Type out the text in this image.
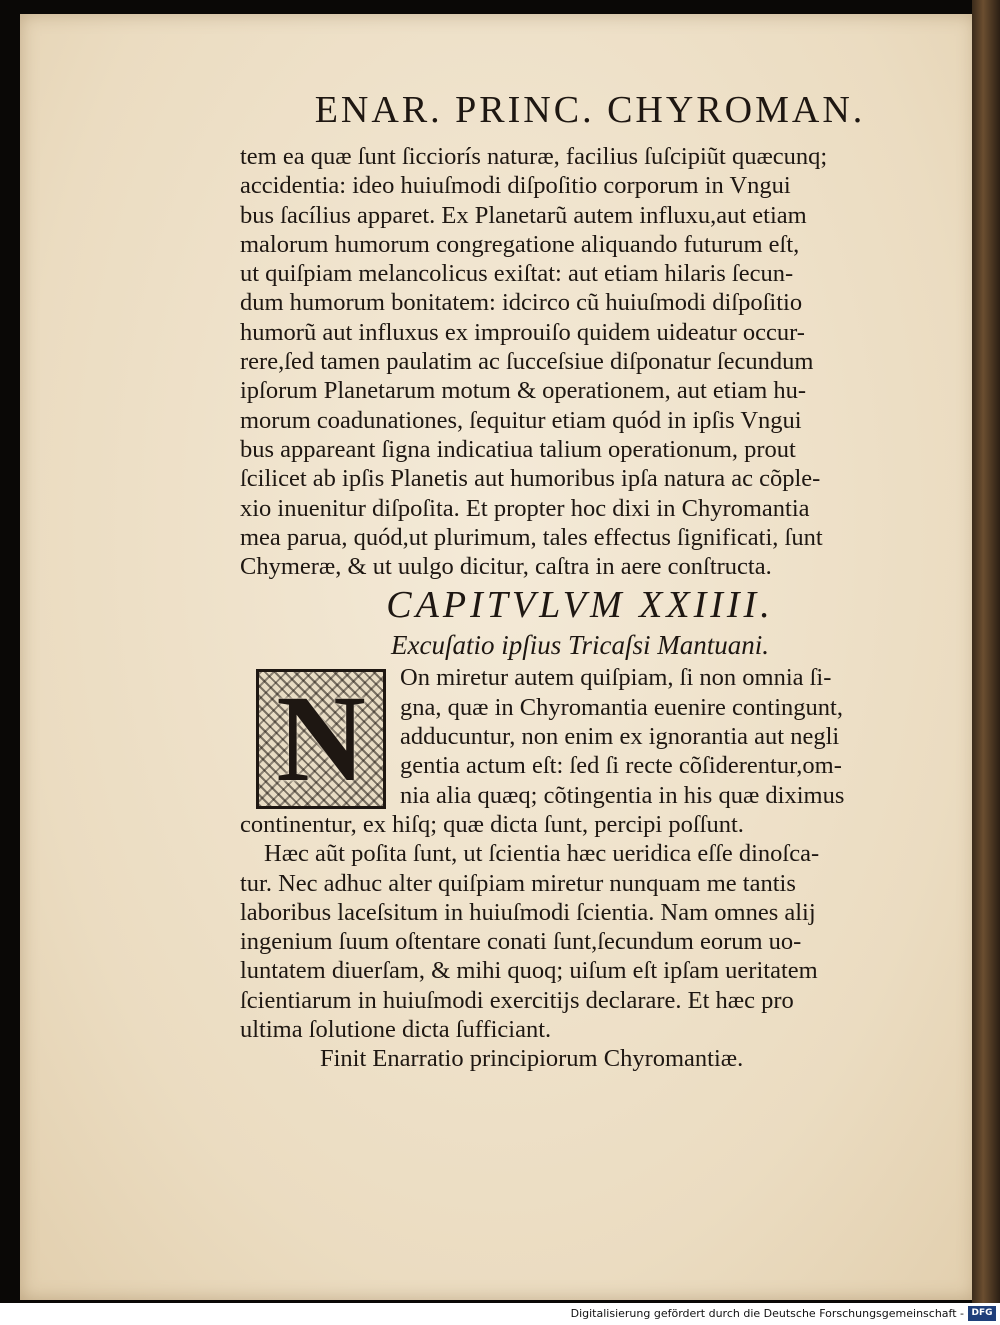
ENAR. PRINC. CHYROMAN.
tem ea quæ ſunt ſicciorís naturæ, facilius ſuſcipiũt quæcunq;
accidentia: ideo huiuſmodi diſpoſitio corporum in Vngui
bus ſacílius apparet. Ex Planetarũ autem influxu,aut etiam
malorum humorum congregatione aliquando futurum eſt,
ut quiſpiam melancolicus exiſtat: aut etiam hilaris ſecun-
dum humorum bonitatem: idcirco cũ huiuſmodi diſpoſitio
humorũ aut influxus ex improuiſo quidem uideatur occur-
rere,ſed tamen paulatim ac ſucceſsiue diſponatur ſecundum
ipſorum Planetarum motum & operationem, aut etiam hu-
morum coadunationes, ſequitur etiam quód in ipſis Vngui
bus appareant ſigna indicatiua talium operationum, prout
ſcilicet ab ipſis Planetis aut humoribus ipſa natura ac cõple-
xio inuenitur diſpoſita. Et propter hoc dixi in Chyromantia
mea parua, quód,ut plurimum, tales effectus ſignificati, ſunt
Chymeræ, & ut uulgo dicitur, caſtra in aere conſtructa.
CAPITVLVM XXIIII.
Excuſatio ipſius Tricaſsi Mantuani.
N	On miretur autem quiſpiam, ſi non omnia ſi-
gna, quæ in Chyromantia euenire contingunt,
adducuntur, non enim ex ignorantia aut negli
gentia actum eſt: ſed ſi recte cõſiderentur,om-
nia alia quæq; cõtingentia in his quæ diximus
continentur, ex hiſq; quæ dicta ſunt, percipi poſſunt.
Hæc aũt poſita ſunt, ut ſcientia hæc ueridica eſſe dinoſca-
tur. Nec adhuc alter quiſpiam miretur nunquam me tantis
laboribus laceſsitum in huiuſmodi ſcientia. Nam omnes alij
ingenium ſuum oſtentare conati ſunt,ſecundum eorum uo-
luntatem diuerſam, & mihi quoq; uiſum eſt ipſam ueritatem
ſcientiarum in huiuſmodi exercitijs declarare. Et hæc pro
ultima ſolutione dicta ſufficiant.
Finit Enarratio principiorum Chyromantiæ.
Digitalisierung gefördert durch die Deutsche Forschungsgemeinschaft - DFG
